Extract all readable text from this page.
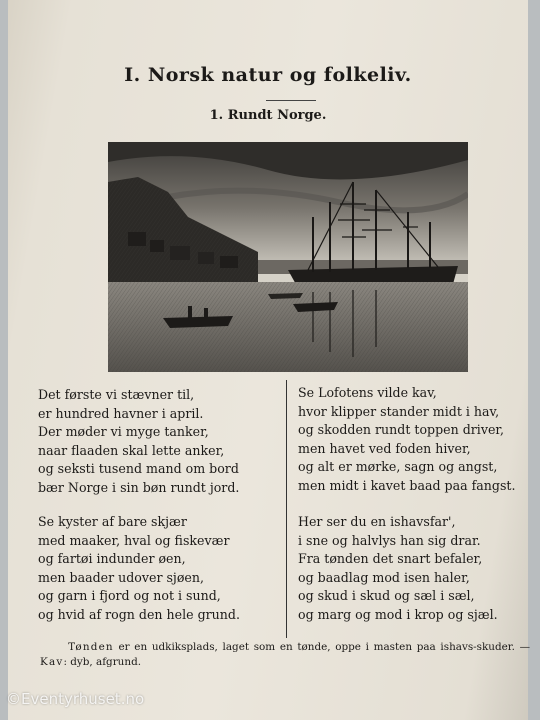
I. Norsk natur og folkeliv.
1. Rundt Norge.
Det første vi stævner til,
er hundred havner i april.
Der møder vi myge tanker,
naar flaaden skal lette anker,
og seksti tusend mand om bord
bær Norge i sin bøn rundt jord.
Se kyster af bare skjær
med maaker, hval og fiskevær
og fartøi indunder øen,
men baader udover sjøen,
og garn i fjord og not i sund,
og hvid af rogn den hele grund.
Se Lofotens vilde kav,
hvor klipper stander midt i hav,
og skodden rundt toppen driver,
men havet ved foden hiver,
og alt er mørke, sagn og angst,
men midt i kavet baad paa fangst.
Her ser du en ishavsfar',
i sne og halvlys han sig drar.
Fra tønden det snart befaler,
og baadlag mod isen haler,
og skud i skud og sæl i sæl,
og marg og mod i krop og sjæl.
Tønden er en udkiksplads, laget som en tønde, oppe i masten paa ishavs-skuder. — Kav: dyb, afgrund.
©Eventyrhuset.no
